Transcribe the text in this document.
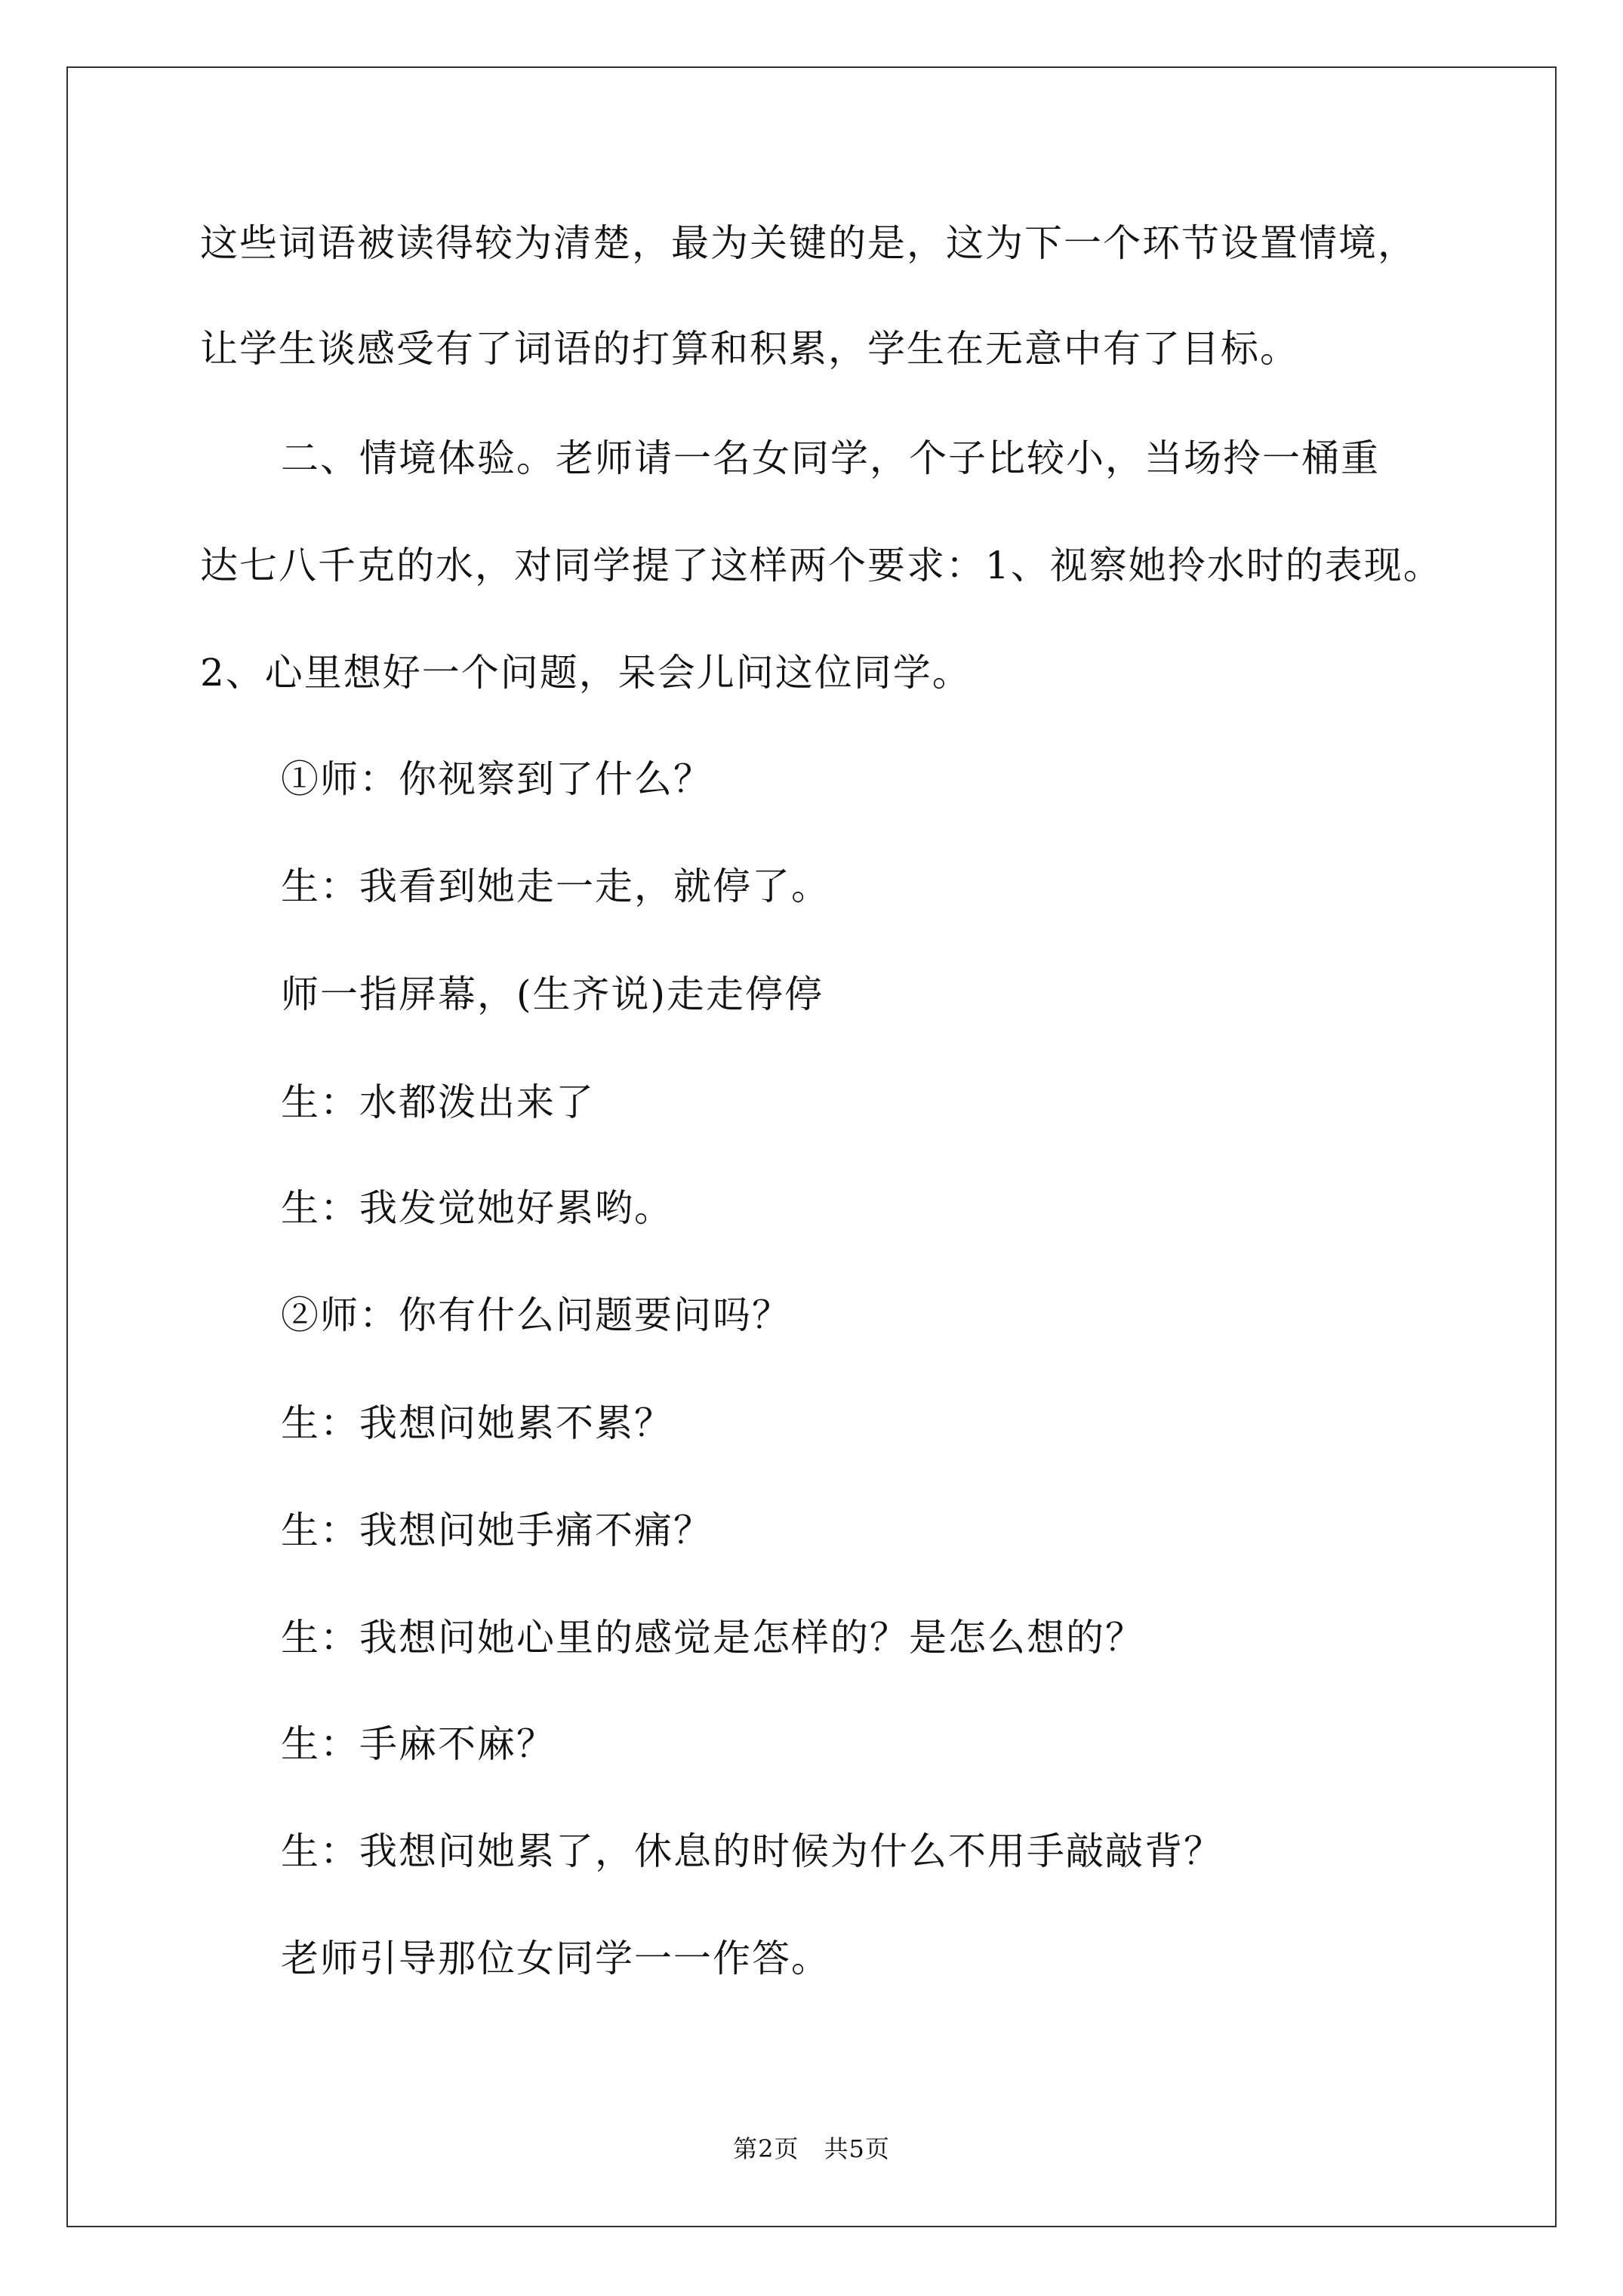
这些词语被读得较为清楚，最为关键的是，这为下一个环节设置情境，
让学生谈感受有了词语的打算和积累，学生在无意中有了目标。
二、情境体验。老师请一名女同学，个子比较小，当场拎一桶重
达七八千克的水，对同学提了这样两个要求：1、视察她拎水时的表现。
2、心里想好一个问题，呆会儿问这位同学。
①师：你视察到了什么？
生：我看到她走一走，就停了。
师一指屏幕，(生齐说)走走停停
生：水都泼出来了
生：我发觉她好累哟。
②师：你有什么问题要问吗？
生：我想问她累不累？
生：我想问她手痛不痛？
生：我想问她心里的感觉是怎样的？是怎么想的？
生：手麻不麻？
生：我想问她累了，休息的时候为什么不用手敲敲背？
老师引导那位女同学一一作答。
第2页　共5页
